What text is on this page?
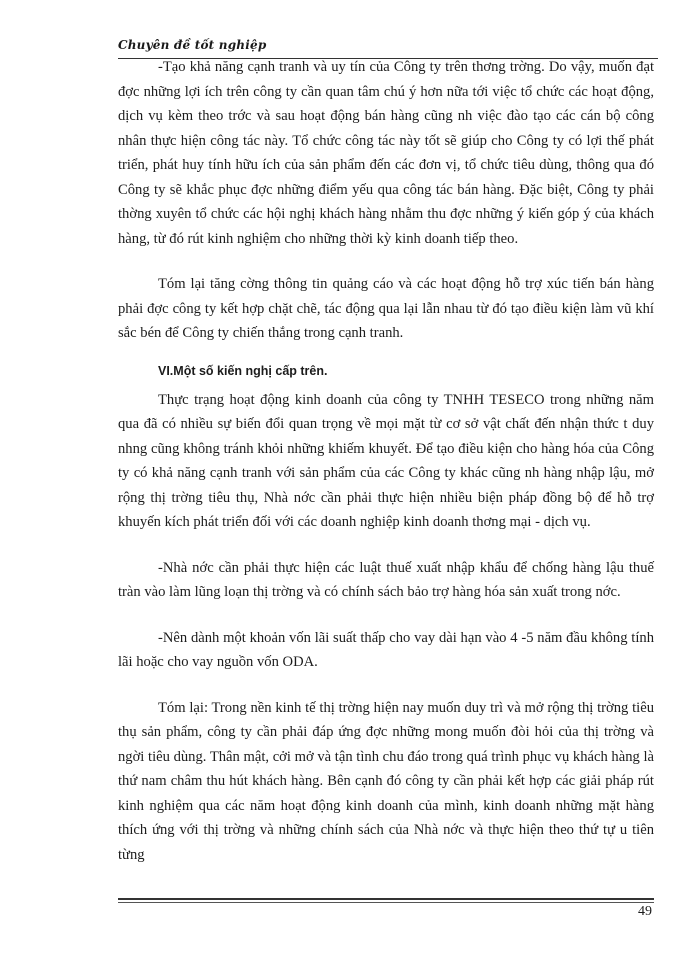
Chuyên đề tốt nghiệp

-Tạo khả năng cạnh tranh và uy tín của Công ty trên thơng trờng. Do vậy, muốn đạt đợc những lợi ích trên công ty cần quan tâm chú ý hơn nữa tới việc tổ chức các hoạt động, dịch vụ kèm theo trớc và sau hoạt động bán hàng cũng nh việc đào tạo các cán bộ công nhân thực hiện công tác này. Tổ chức công tác này tốt sẽ giúp cho Công ty có lợi thế phát triển, phát huy tính hữu ích của sản phẩm đến các đơn vị, tổ chức tiêu dùng, thông qua đó Công ty sẽ khắc phục đợc những điểm yếu qua công tác bán hàng. Đặc biệt, Công ty phải thờng xuyên tổ chức các hội nghị khách hàng nhằm thu đợc những ý kiến góp ý của khách hàng, từ đó rút kinh nghiệm cho những thời kỳ kinh doanh tiếp theo.

Tóm lại tăng cờng thông tin quảng cáo và các hoạt động hỗ trợ xúc tiến bán hàng phải đợc công ty kết hợp chặt chẽ, tác động qua lại lẫn nhau từ đó tạo điều kiện làm vũ khí sắc bén để Công ty chiến thắng trong cạnh tranh.

VI.Một số kiến nghị cấp trên.

Thực trạng hoạt động kinh doanh của công ty TNHH TESECO trong những năm qua đã có nhiều sự biến đổi quan trọng về mọi mặt từ cơ sở vật chất đến nhận thức t duy nhng cũng không tránh khỏi những khiếm khuyết. Để tạo điều kiện cho hàng hóa của Công ty có khả năng cạnh tranh với sản phẩm của các Công ty khác cũng nh hàng nhập lậu, mở rộng thị trờng tiêu thụ, Nhà nớc cần phải thực hiện nhiều biện pháp đồng bộ để hỗ trợ khuyến kích phát triển đối với các doanh nghiệp kinh doanh thơng mại - dịch vụ.

-Nhà nớc cần phải thực hiện các luật thuế xuất nhập khẩu để chống hàng lậu thuế tràn vào làm lũng loạn thị trờng và có chính sách bảo trợ hàng hóa sản xuất trong nớc.

-Nên dành một khoản vốn lãi suất thấp cho vay dài hạn vào 4 -5 năm đầu không tính lãi hoặc cho vay nguồn vốn ODA.

Tóm lại: Trong nền kinh tế thị trờng hiện nay muốn duy trì và mở rộng thị trờng tiêu thụ sản phẩm, công ty cần phải đáp ứng đợc những mong muốn đòi hỏi của thị trờng và ngời tiêu dùng. Thân mật, cởi mở và tận tình chu đáo trong quá trình phục vụ khách hàng là thứ nam châm thu hút khách hàng. Bên cạnh đó công ty cần phải kết hợp các giải pháp rút kinh nghiệm qua các năm hoạt động kinh doanh của mình, kinh doanh những mặt hàng thích ứng với thị trờng và những chính sách của Nhà nớc và thực hiện theo thứ tự u tiên từng

49
